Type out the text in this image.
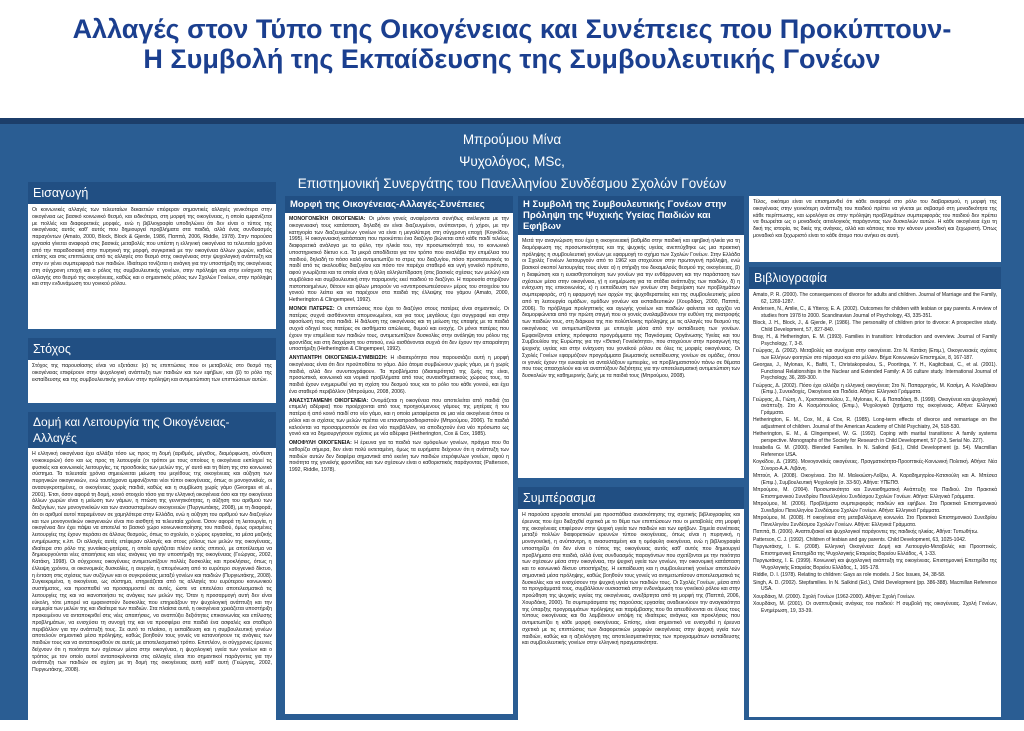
Αλλαγές στον Τύπο της Οικογένειας και Συνέπειες που Προκύπτουν-
Η Συμβολή της Εκπαίδευσης της Συμβουλευτικής Γονέων
Μπρούμου Μίνα
Ψυχολόγος, MSc,
Επιστημονική Συνεργάτης του Πανελληνίου Συνδέσμου Σχολών Γονέων
Εισαγωγή

Οι κοινωνικές αλλαγές των τελευταίων δεκαετιών επέφεραν σημαντικές αλλαγές γενικότερα στην οικογένεια ως βασικό κοινωνικό θεσμό, και ειδικότερα, στη μορφή της οικογένειας, η οποία εμφανίζεται με πολλές και διαφορετικές μορφές, ενώ η βιβλιογραφία υποδηλώνει ότι δεν είναι ο τύπος της οικογένειας αυτός καθ' αυτός που δημιουργεί προβλήματα στα παιδιά, αλλά ένας συνδυασμός παραγόντων (Amato, 2000, Block, Block & Gjerde, 1986, Παππά, 2006, Riddle, 1978). Στην παρούσα εργασία γίνεται αναφορά στις βασικές μεταβολές που υπέστη η ελληνική οικογένεια τα τελευταία χρόνια από την παραδοσιακή στην πυρηνική της μορφή, συγκριτικά με την οικογένεια άλλων χωρών, καθώς επίσης και στις επιπτώσεις από τις αλλαγές στο θεσμό στης οικογένειας στην ψυχολογική ανάπτυξη και στην εν γένει συμπεριφορά των παιδιών. Ιδιαίτερα τονίζεται η ανάγκη για την υποστήριξη της οικογένειας στη σύγχρονη εποχή και ο ρόλος της συμβουλευτικής γονέων, στην πρόληψη και στην ενίσχυση της αλλαγής στο θεσμό της οικογένειας, καθώς και ο σημαντικός ρόλος των Σχολών Γονέων, στην πρόληψη και στην ενδυνάμωση του γονικού ρόλου.

Στόχος

Στόχος της παρουσίασης είναι να εξετάσει: (α) τις επιπτώσεις που οι μεταβολές στο θεσμό της οικογένειας επιφέρουν στην ψυχολογική ανάπτυξη των παιδιών και των εφήβων, και (β) το ρόλο της εκπαίδευσης και της συμβουλευτικής γονέων στην πρόληψη και αντιμετώπιση των επιπτώσεων αυτών.

Δομή και Λειτουργία της Οικογένειας-Αλλαγές

Η ελληνική οικογένεια έχει αλλάξει τόσο ως προς τη δομή (αριθμός, μέγεθος, διαμόρφωση, σύνθεση νοικοκυριών) όσο και ως προς τη λειτουργία (οι τρόποι με τους οποίους η οικογένεια εκπληρεί τις φυσικές και κοινωνικές λειτουργίες, τις προσδοκίες των μελών της, γι' αυτό και τη θέση της στο κοινωνικό σύστημα. Τα τελευταία χρόνια σημειώνεται μείωση του μεγέθους της οικογένειας και αύξηση των πυρηνικών οικογενειών, ενώ ταυτόχρονα εμφανίζονται νέοι τύποι οικογένειας, όπως οι μονογονεϊκές, οι ανασυγκροτημένες, οι οικογένειες χωρίς παιδιά, καθώς και η συμβίωση χωρίς γάμο (Georgas et al., 2001). Έτσι, όσον αφορά τη δομή, κοινό στοιχείο τόσο για την ελληνική οικογένεια όσο και την οικογένεια άλλων χωρών είναι η μείωση των γάμων, η πτώση της γεννητικότητας, η αύξηση του αριθμού των διαζυγίων, των μονογονεϊκών και των ανασυσταμένων οικογενειών (Πυργιωτάκης, 2008), με τη διαφορά, ότι οι αριθμοί αυτοί παραμένουν σε χαμηλότερα στην Ελλάδα, ενώ η αύξηση του αριθμού των διαζυγίων και των μονογονεϊκών οικογενειών είναι πιο αισθητή τα τελευταία χρόνια. Όσον αφορά τη λειτουργία, η οικογένεια δεν έχει πάψει να αποτελεί το βασικό χώρο κοινωνικοποίησης του παιδιού, όμως ορισμένες λειτουργίες της έχουν περάσει σε άλλους θεσμούς, όπως το σχολείο, ο χώρος εργασίας, τα μέσα μαζικής ενημέρωσης κ.λπ. Οι αλλαγές αυτές επέφεραν αλλαγές και στους ρόλους των μελών της οικογένειας, ιδιαίτερα στο ρόλο της γυναίκας-μητέρας, η οποία εργάζεται πλέον εκτός σπιτιού, με αποτέλεσμα να δημιουργούνται νέες απαιτήσεις και νέες ανάγκες για την υποστήριξη της οικογένειας (Γεώργας, 2002, Κατάκη, 1998). Οι σύγχρονες οικογένειες αντιμετωπίζουν πολλές δυσκολίες και προκλήσεις, όπως η έλλειψη χρόνου, οι οικονομικές δυσκολίες, η ανεργία, η απομόνωση από το ευρύτερο συγγενικό δίκτυο, η ένταση στις σχέσεις των συζύγων και οι συγκρούσεις μεταξύ γονέων και παιδιών (Πυργιωτάκης, 2008). Συγκεκριμένα, η οικογένεια, ως σύστημα, επηρεάζεται από τις αλλαγές του ευρύτερου κοινωνικού συστήματος, και προσπαθεί να προσαρμοστεί σε αυτές, ώστε να επιτελέσει αποτελεσματικά τις λειτουργίες της και να ικανοποιήσει τις ανάγκες των μελών της. Όταν η προσαρμογή αυτή δεν είναι εύκολη, τότε μπορεί να εμφανιστούν δυσκολίες που επηρεάζουν την ψυχολογική ανάπτυξη και την ευημερία των μελών της και ιδιαίτερα των παιδιών. Στα πλαίσια αυτά, η οικογένεια χρειάζεται υποστήριξη προκειμένου να ανταποκριθεί στις νέες απαιτήσεις, να αναπτύξει δεξιότητες επικοινωνίας και επίλυσης προβλημάτων, να ενισχύσει τη συνοχή της και να προσφέρει στα παιδιά ένα ασφαλές και σταθερό περιβάλλον για την ανάπτυξή τους. Σε αυτό το πλαίσιο, η εκπαίδευση και η συμβουλευτική γονέων αποτελούν σημαντικά μέσα πρόληψης, καθώς βοηθούν τους γονείς να κατανοήσουν τις ανάγκες των παιδιών τους και να ανταποκριθούν σε αυτές με αποτελεσματικό τρόπο. Επιπλέον, οι σύγχρονες έρευνες δείχνουν ότι η ποιότητα των σχέσεων μέσα στην οικογένεια, η ψυχολογική υγεία των γονέων και ο τρόπος με τον οποίο αυτοί ανταποκρίνονται στις αλλαγές είναι πιο σημαντικοί παράγοντες για την ανάπτυξη των παιδιών σε σχέση με τη δομή της οικογένειας αυτή καθ' αυτή (Γεώργας, 2002, Πυργιωτάκης, 2008).

Μορφή της Οικογένειας-Αλλαγές-Συνέπειες

ΜΟΝΟΓΟΝΕΪΚΗ ΟΙΚΟΓΕΝΕΙΑ: Οι μόνοι γονείς αναφέρονται συνήθως ανέλεγκτα με την οικογενειακή τους κατάσταση, δηλαδή αν είναι διαζευγμένοι, ανύπαντροι, ή χήροι, με την κατηγορία των διαζευγμένων γονέων να είναι η μεγαλύτερη στη σύγχρονη εποχή (Κογκίδου, 1995). Η οικογενειακή κατάσταση που προκύπτει ένα διαζύγιο βιώνεται από κάθε παιδί τελείως διαφορετικά ανάλογα με τα φύλο, την ηλικία του, την προσωπικότητά του, το κοινωνικό υποστηρικτικό δίκτυο κ.α. Τα μικρά αποδίδεται για τον τρόπο που αναλάβει την επιμέλεια του παιδιού, δηλαδή το πόσο καλά αντιμετωπίζει το στρες του διαζυγίου, πόσο προστατευτικός το παιδί από τις ακολουθίες διαζυγίου και πόσο τον παρέχει σταθερό και υγιή γονεϊκό πρότυπο, αφού γνωρίζεται και τα οποία είναι η άλλη αλληλεπίδραση (στις βασικές σχέσεις των μελών) και συμβόλαιο και συμβουλευτική στην παραμονής εκεί παιδιού το διαζύγιο. Η παρουσία στηρίζουν πιστοποιημένων, θέτουν και φίλων μπορούν να «αντιπροσωπεύσουν» μέρος του στοιχείου του γονιού που λείπει και να παρέχουν στα παιδιά της έλλειψης του γάμου (Amato, 2000, Hetherington & Clingempeel, 1992).

ΜΟΝΟΙ ΠΑΤΕΡΕΣ: Οι επιπτώσεις που έχει το διαζύγιο στους πατέρες είναι σημαντικές. Οι πατέρες συχνά αισθάνονται απομονωμένοι, και για τους μεγάλους έχει συγγραφεί και στην αφοσίωσή τους στα παιδιά. Η διάλυση της οικογένειας και τη μείωση της επαφής με τα παιδιά συχνά οδηγεί τους πατέρες σε αισθήματα απώλειας, θυμού και ενοχής. Οι μόνοι πατέρες που έχουν την επιμέλεια των παιδιών τους, αντιμετωπίζουν δυσκολίες στην ανάληψη του ρόλου της φροντίδας και στη διαχείριση του σπιτιού, ενώ αισθάνονται συχνά ότι δεν έχουν την απαραίτητη υποστήριξη (Hetherington & Clingempeel, 1992).

ΑΝΥΠΑΝΤΡΗ ΟΙΚΟΓΕΝΕΙΑ-ΣΥΜΒΙΩΣΗ: Η ιδιαιτερότητα που παρουσιάζει αυτή η μορφή οικογένειας είναι ότι δεν προϋποθέτει το γάμο. Δύο άτομα συμβιώνουν χωρίς γάμο, με ή χωρίς παιδιά, αλλά δεν συνυπογράφουν. Τα προβλήματα (ιδιαιτερότητα) της ζωής της είναι, προσωπικά, κοινωνικά και νομικά προβλήματα από τους συναισθηματικούς χώρους τους, τα παιδιά έχουν ενημερωθεί για τη σχέση του δεσμού τους και το ρόλο του κάθε γονιού, και έχει ένα σταθερό περιβάλλον (Μπρούμου, 2008, 2006).

ΑΝΑΣΥΣΤΑΜΕΝΗ ΟΙΚΟΓΕΝΕΙΑ: Ονομάζεται η οικογένεια που αποτελείται από παιδιά (τα επιμελή αδέρφια) που προέρχονται από τους προηγούμενους γάμους της μητέρας ή του πατέρα ή από κοινό παιδί στο νέο γάμο, και η οποία μεταφέρεται σε μια νέα οικογένεια όπου οι ρόλοι και οι σχέσεις των μελών πρέπει να επαναπροσδιοριστούν (Μπρούμου, 2006). Τα παιδιά καλούνται να προσαρμοστούν σε ένα νέο περιβάλλον, να αποδεχτούν ένα νέο πρόσωπο ως γονιό και να δημιουργήσουν σχέσεις με νέα αδέρφια (Hetherington, Cox & Cox, 1985).

ΟΜΟΦΥΛΗ ΟΙΚΟΓΕΝΕΙΑ: Η έρευνα για τα παιδιά των ομόφυλων γονέων, πράγμα που θα καθορίζει σήμερα, δεν είναι πολύ εκτεταμένη, όμως τα ευρήματα δείχνουν ότι η ανάπτυξη των παιδιών αυτών δεν διαφέρει σημαντικά από εκείνη των παιδιών ετερόφυλων γονέων, αφού η ποιότητα της γονεϊκής φροντίδας και των σχέσεων είναι ο καθοριστικός παράγοντας (Patterson, 1992, Riddle, 1978).

Η Συμβολή της Συμβουλευτικής Γονέων στην Πρόληψη της Ψυχικής Υγείας Παιδιών και Εφήβων

Μετά την αναγνώριση που έχει η οικογενειακή βαθμίδα στην παιδική και εφηβική ηλικία για τη διαμόρφωση της προσωπικότητας και της ψυχικής υγείας ανεπτύχθηκε ως μια πρακτική πρόληψης η συμβουλευτική γονέων με εφαρμογή το σχήμα των Σχολών Γονέων. Στην Ελλάδα οι Σχολές Γονέων λειτουργούν από το 1962 και στοχεύουν στην πρωτογενή πρόληψη, ενώ βασικοί σκοποί λειτουργίας τους είναι: α) η στήριξη του δεκαμελούς θεσμού της οικογένειας, β) η διαφώτιση και η ευαισθητοποίηση των γονέων για την ενθάρρυνση και την παράσταση των σχέσεων μέσα στην οικογένεια, γ) η ενημέρωση για τα στάδια ανάπτυξης των παιδιών, δ) η ενίσχυση της επικοινωνίας, ε) η εκπαίδευση των γονέων στη διαχείριση των προβλημάτων συμπεριφοράς, στ) η εφαρμογή των αρχών της ψυχοθεραπείας και της συμβουλευτικής μέσα από τη λειτουργία ομάδων, ομάδων γονέων και εκπαιδευτικών (Χουρδάκη, 2000, Παππά, 2006). Το πρόβλημα προληπτικής και αγωγής γονέων και παιδιών φαίνεται να αρχίζει να διαμορφώνεται από την πρώτη στιγμή που οι γονείς αναλαμβάνουν την ευθύνη της ανατροφής των παιδιών τους, στη διάρκεια της πιο πολύπλοκης πρόληψης με τις αλλαγές του θεσμού της οικογένειας να αντιμετωπίζονται με επιτυχία μέσα από την εκπαίδευση των γονέων. Εμφανίζονται επίσης πρόσφατα προγράμματα της Παγκόσμιας Οργάνωσης Υγείας και του Συμβουλίου της Ευρώπης για την «Θετική Γονεϊκότητα», που στοχεύουν στην προαγωγή της ψυχικής υγείας και στην ενίσχυση του γονεϊκού ρόλου σε όλες τις μορφές οικογένειας. Οι Σχολές Γονέων εφαρμόζουν προγράμματα βιωματικής εκπαίδευσης γονέων σε ομάδες, όπου οι γονείς έχουν την ευκαιρία να ανταλλάξουν εμπειρίες, να προβληματιστούν πάνω σε θέματα που τους απασχολούν και να αναπτύξουν δεξιότητες για την αποτελεσματική αντιμετώπιση των δυσκολιών της καθημερινής ζωής με τα παιδιά τους (Μπρούμου, 2008).

Συμπέρασμα

Η παρούσα εργασία αποτελεί μια προσπάθεια ανασκόπησης της σχετικής βιβλιογραφίας και έρευνας που έχει διεξαχθεί σχετικά με το θέμα των επιπτώσεων που οι μεταβολές στη μορφή της οικογένειας επιφέρουν στην ψυχική υγεία των παιδιών και των εφήβων. Σημεία συνέπειας μεταξύ πολλών διαφορετικών ερευνών τύπου οικογένειας, όπως είναι η πυρηνική, η μονογονεϊκή, η ανύπαντρη, η ανασυσταμένη και η ομόφυλη οικογένεια, ενώ η βιβλιογραφία υποστηρίζει ότι δεν είναι ο τύπος της οικογένειας αυτός καθ' αυτός που δημιουργεί προβλήματα στα παιδιά, αλλά ένας συνδυασμός παραγόντων που σχετίζονται με την ποιότητα των σχέσεων μέσα στην οικογένεια, την ψυχική υγεία των γονέων, την οικονομική κατάσταση και το κοινωνικό δίκτυο υποστήριξης. Η εκπαίδευση και η συμβουλευτική γονέων αποτελούν σημαντικά μέσα πρόληψης, καθώς βοηθούν τους γονείς να αντιμετωπίσουν αποτελεσματικά τις δυσκολίες και να ενισχύσουν την ψυχική υγεία των παιδιών τους. Οι Σχολές Γονέων, μέσα από τα προγράμματά τους, συμβάλλουν ουσιαστικά στην ενδυνάμωση του γονεϊκού ρόλου και στην προώθηση της ψυχικής υγείας της οικογένειας, ανεξάρτητα από τη μορφή της (Παππά, 2006, Χουρδάκη, 2000). Τα συμπεράσματα της παρούσας εργασίας αναδεικνύουν την αναγκαιότητα της ύπαρξης προγραμμάτων πρόληψης και παρέμβασης που θα απευθύνονται σε όλους τους τύπους οικογένειας και θα λαμβάνουν υπόψη τις ιδιαίτερες ανάγκες και προκλήσεις που αντιμετωπίζει η κάθε μορφή οικογένειας. Επίσης, είναι σημαντικό να ενισχυθεί η έρευνα σχετικά με τις επιπτώσεις των διαφορετικών μορφών οικογένειας στην ψυχική υγεία των παιδιών, καθώς και η αξιολόγηση της αποτελεσματικότητας των προγραμμάτων εκπαίδευσης και συμβουλευτικής γονέων στην ελληνική πραγματικότητα.

Τέλος, οικότιμο είναι να επισημανθεί ότι κάθε αναφορά στο ρόλο του διαβαρισμού, η μορφή της οικογένειας στην γενικότερη ανάπτυξη του παιδιού πρέπει να γίνεται με σεβασμό στη μοναδικότητα της κάθε περίπτωσης, και ωρολόγια σε στην πρόληψη προβλημάτων συμπεριφοράς του παιδιού δεν πρέπει να θεωρείται ως ο μοναδικός αιτιολογικός παράγοντας των δυσκολιών αυτών. Η κάθε οικογένεια έχει τη δική της ιστορία, τις δικές της ανάγκες, αλλά και κάποιες που την κάνουν μοναδική και ξεχωριστή. Όπως μοναδικό και ξεχωριστό είναι το κάθε άτομο που ανήκει σε αυτή.

Βιβλιογραφία

Amato, P. R. (2000). The consequences of divorce for adults and children. Journal of Marriage and the Family, 62, 1269-1287.

Andersen, N., Amlie, C., & Ytteroy, E. A. (2002). Outcomes for children with lesbian or gay parents. A review of studies from 1978 to 2000. Scandinavian Journal of Psychology, 43, 335-351.

Block, J. H., Block, J., & Gjerde, P. (1986). The personality of children prior to divorce: A prospective study. Child Development, 57, 827-840.

Bray, H., & Hetherington, E. M. (1993). Families in transition: Introduction and overview. Journal of Family Psychology, 7, 3-8.

Γεώργας, Δ. (2002). Μεταβολές και συνέχεια στην οικογένεια. Στο Ν. Κατάκη (Επιμ.), Οικογενειακές σχέσεις των Ελλήνων φοιτητών στο πέρασμα και στο μέλλον. Βήμα Κοινωνικών Επιστημών, 8, 167-187.

Georgas, J., Mylonas, K., Bafiti, T., Christakopoulou, S., Poortinga, Y. H., Kagitcibasi, C., et al. (2001). Functional Relationships in the Nuclear and Extended Family: A 16 culture study. International Journal of Psychology, 36, 289-300.

Γεώργας, Δ. (2002). Πόσο έχει αλλάξει η ελληνική οικογένεια; Στο Ν. Παπαρρηγός, Μ. Κασίμη, Α. Κολοβάκου (Επιμ.), Συνεκδοχές, Οικογένεια και Παιδεία. Αθήνα: Ελληνικά Γράμματα.

Γεώργας, Δ., Γιώτη, Λ., Χριστακοπούλου, Σ., Mylonas, K., & Παπαδάκη, Β. (1999). Οικογένεια και ψυχολογική ανάπτυξη. Στο Α. Κοσμόπουλος (Επιμ.), Ψυχολογικά ζητήματα της οικογένειας. Αθήνα: Ελληνικά Γράμματα.

Hetherington, E. M., Cox, M., & Cox, R. (1985). Long-term effects of divorce and remarriage on the adjustment of children. Journal of the American Academy of Child Psychiatry, 24, 518-530.

Hetherington, E. M., & Clingempeel, W. G. (1992). Coping with marital transitions: A family systems perspective. Monographs of the Society for Research in Child Development, 57 (2-3, Serial No. 227).

Insabella G. M. (2000). Blended Families. In N. Salkind (Ed.), Child Development (p. 54). Macmillan Reference USA.

Κογκίδου, Δ. (1995). Μονογονεϊκές οικογένειες. Πραγματικότητα-Προοπτικές-Κοινωνική Πολιτική. Αθήνα: Νέα Σύνορα-Α.Α. Λιβάνη.

Μπτούτ, Α. (2008). Οικογένεια. Στο Μ. Μαλικιώση-Λοΐζου, Α. Καραδημητρίου-Κατσιούλη και Α. Μπέσεα (Επιμ.), Συμβουλευτική Ψυχολογία (σ. 33-50). Αθήνα: ΥΠΕΠΘ.

Μπρούμου, Μ. (2004). Προσωπικότητα και Συναισθηματική Ανάπτυξη του Παιδιού. Στο Πρακτικά Επιστημονικού Συνεδρίου Πανελληνίου Συνδέσμου Σχολών Γονέων. Αθήνα: Ελληνικά Γράμματα.

Μπρούμου, Μ. (2006). Προβλήματα συμπεριφοράς παιδιών και εφήβων. Στο Πρακτικά Επιστημονικού Συνεδρίου Πανελληνίου Συνδέσμου Σχολών Γονέων. Αθήνα: Ελληνικά Γράμματα.

Μπρούμου, Μ. (2008). Η οικογένεια στη μεταβαλλόμενη κοινωνία. Στο Πρακτικά Επιστημονικού Συνεδρίου Πανελληνίου Συνδέσμου Σχολών Γονέων. Αθήνα: Ελληνικά Γράμματα.

Παππά, Β. (2006). Αναπτυξιακοί και ψυχολογικοί παράγοντες της παιδικής ηλικίας. Αθήνα: Τυπωθήτω.

Patterson, C. J. (1992). Children of lesbian and gay parents. Child Development, 63, 1025-1042.

Πυργιωτάκης, Ι. Ε. (2008). Ελληνική Οικογένεια: Δομή και Λειτουργία-Μεταβολές και Προοπτικές. Επιστημονική Επετηρίδα της Ψυχολογικής Εταιρείας Βορείου Ελλάδος, 4, 1-33.

Πυργιωτάκης, Ι. Ε. (1999). Κοινωνική και ψυχολογική ανάπτυξη της οικογένειας. Επιστημονική Επετηρίδα της Ψυχολογικής Εταιρείας Βορείου Ελλάδος, 1, 165-178.

Riddle, D. I. (1978). Relating to children: Gays as role models. J Soc Issues, 34, 38-58.

Singh, A. D. (2002). Stepfamilies. In N. Salkind (Ed.), Child Development (pp. 386-388). Macmillan Reference USA.

Χουρδάκη, Μ. (2000). Σχολή Γονέων (1962-2000). Αθήνα: Σχολή Γονέων.

Χουρδάκη, Μ. (2001). Οι αναπτυξιακές ανάγκες του παιδιού: Η συμβολή της οικογένειας. Σχολή Γονέων, Ενημέρωση, 19, 33-39.
